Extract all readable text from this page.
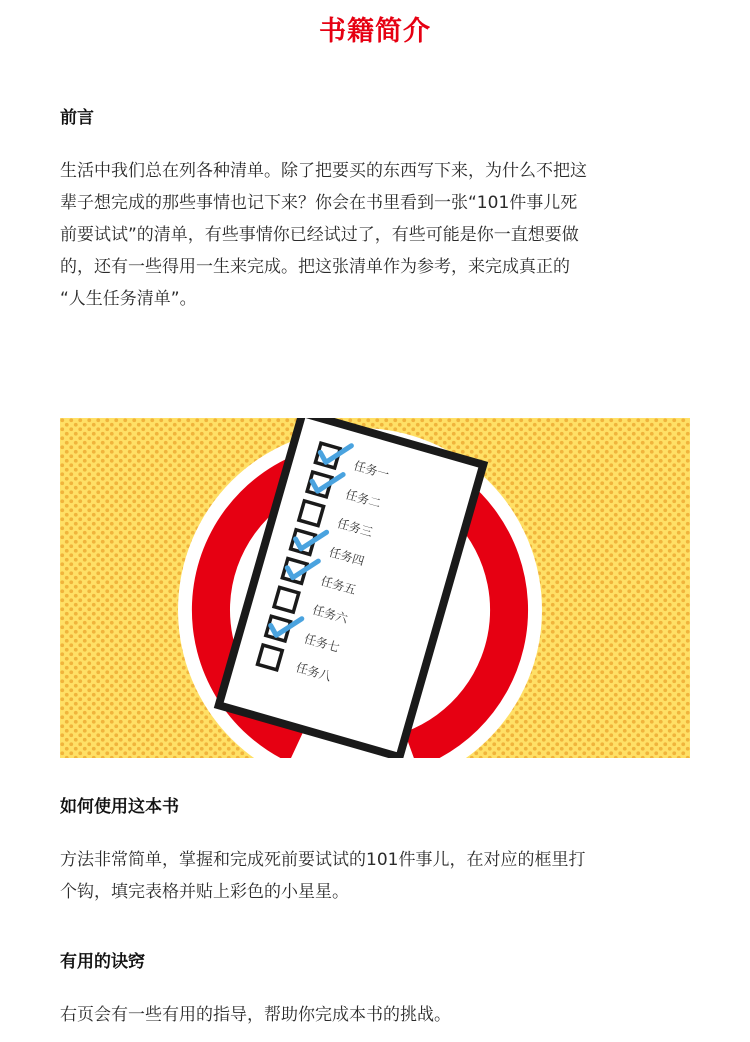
书籍简介
前言

生活中我们总在列各种清单。除了把要买的东西写下来，为什么不把这

辈子想完成的那些事情也记下来？你会在书里看到一张“101件事儿死

前要试试”的清单，有些事情你已经试过了，有些可能是你一直想要做

的，还有一些得用一生来完成。把这张清单作为参考，来完成真正的

“人生任务清单”。

任务一
任务二
任务三
任务四
任务五
任务六
任务七
任务八
如何使用这本书

方法非常简单，掌握和完成死前要试试的101件事儿，在对应的框里打

个钩，填完表格并贴上彩色的小星星。

有用的诀窍

右页会有一些有用的指导，帮助你完成本书的挑战。
